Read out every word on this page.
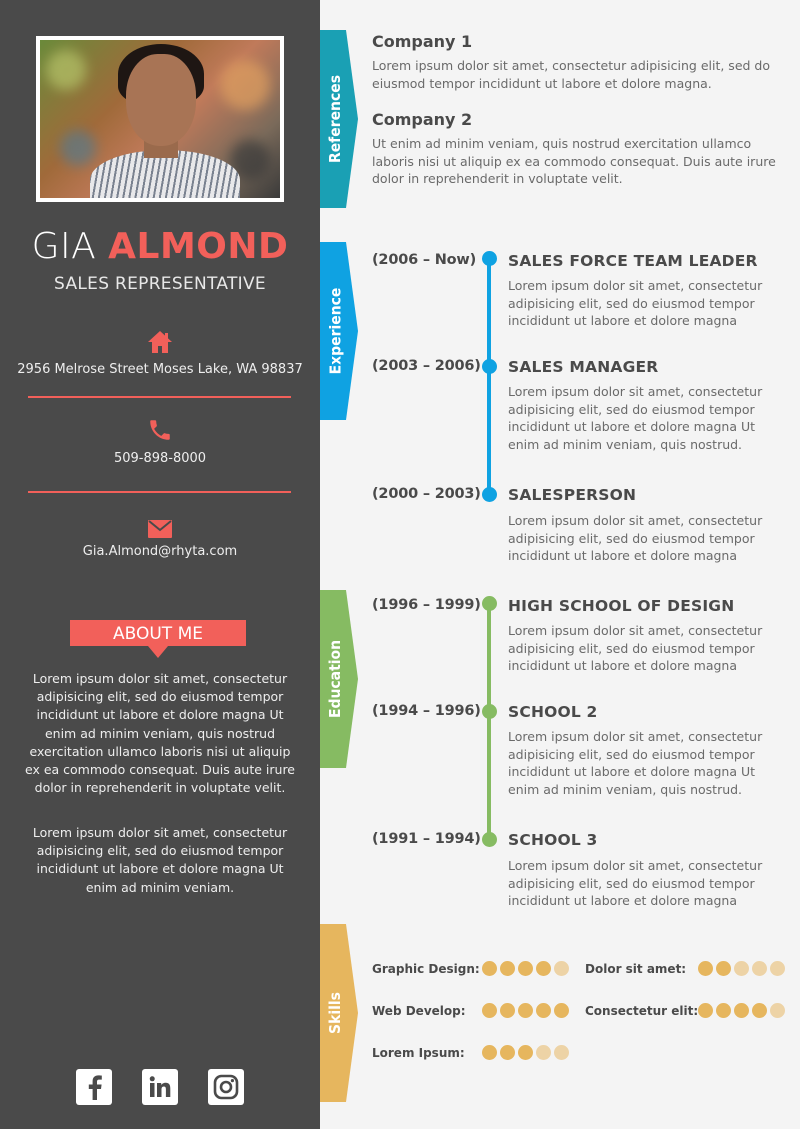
GIA ALMOND
SALES REPRESENTATIVE
2956 Melrose Street Moses Lake, WA 98837
509-898-8000
Gia.Almond@rhyta.com
ABOUT ME
Lorem ipsum dolor sit amet, consectetur adipisicing elit, sed do eiusmod tempor incididunt ut labore et dolore magna Ut enim ad minim veniam, quis nostrud exercitation ullamco laboris nisi ut aliquip ex ea commodo consequat. Duis aute irure dolor in reprehenderit in voluptate velit.
Lorem ipsum dolor sit amet, consectetur adipisicing elit, sed do eiusmod tempor incididunt ut labore et dolore magna Ut enim ad minim veniam.
References
Experience
Education
Skills
Company 1
Lorem ipsum dolor sit amet, consectetur adipisicing elit, sed do eiusmod tempor incididunt ut labore et dolore magna.
Company 2
Ut enim ad minim veniam, quis nostrud exercitation ullamco laboris nisi ut aliquip ex ea commodo consequat. Duis aute irure dolor in reprehenderit in voluptate velit.
(2006 – Now) SALES FORCE TEAM LEADER
Lorem ipsum dolor sit amet, consectetur adipisicing elit, sed do eiusmod tempor incididunt ut labore et dolore magna
(2003 – 2006) SALES MANAGER
Lorem ipsum dolor sit amet, consectetur adipisicing elit, sed do eiusmod tempor incididunt ut labore et dolore magna Ut enim ad minim veniam, quis nostrud.
(2000 – 2003) SALESPERSON
Lorem ipsum dolor sit amet, consectetur adipisicing elit, sed do eiusmod tempor incididunt ut labore et dolore magna
(1996 – 1999) HIGH SCHOOL OF DESIGN
Lorem ipsum dolor sit amet, consectetur adipisicing elit, sed do eiusmod tempor incididunt ut labore et dolore magna
(1994 – 1996) SCHOOL 2
Lorem ipsum dolor sit amet, consectetur adipisicing elit, sed do eiusmod tempor incididunt ut labore et dolore magna Ut enim ad minim veniam, quis nostrud.
(1991 – 1994) SCHOOL 3
Lorem ipsum dolor sit amet, consectetur adipisicing elit, sed do eiusmod tempor incididunt ut labore et dolore magna
Graphic Design:	Dolor sit amet:
Web Develop:	Consectetur elit:
Lorem Ipsum:
